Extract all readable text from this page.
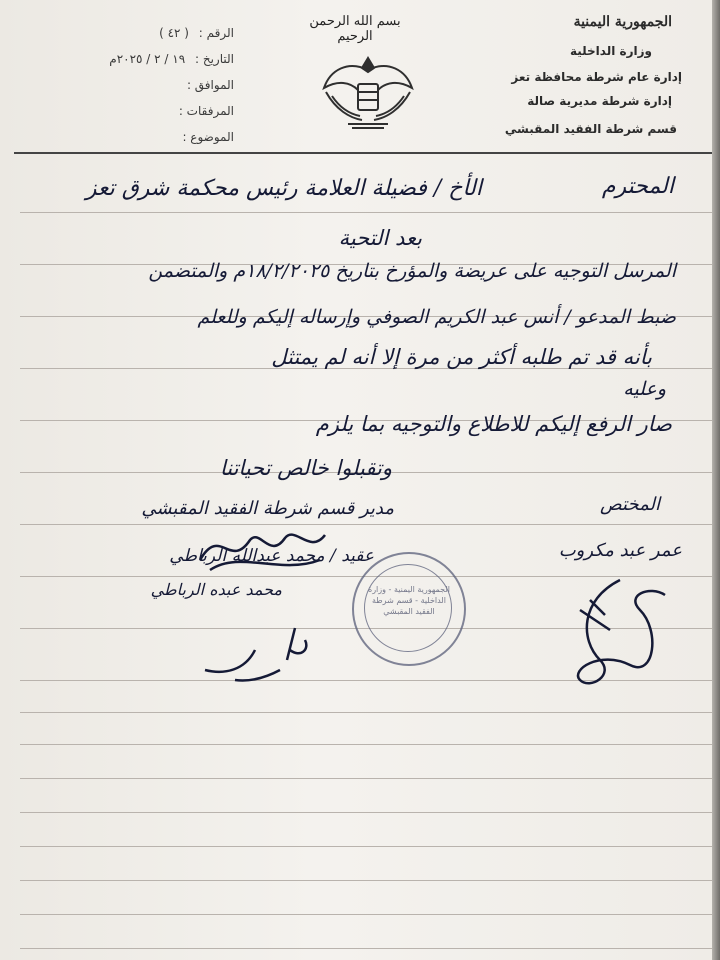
الجمهورية اليمنية
وزارة الداخلية
إدارة عام شرطة محافظة تعز
إدارة شرطة مديرية صالة
قسم شرطة الفقيد المقبشي
بسم الله الرحمن الرحيم
الرقم : ( ٤٢ )
التاريخ : ١٩ / ٢ / ٢٠٢٥م
الموافق :
المرفقات :
الموضوع :
الأخ / فضيلة العلامة رئيس محكمة شرق تعز	المحترم
بعد التحية
المرسل التوجيه على عريضة والمؤرخ بتاريخ ١٨/٢/٢٠٢٥م والمتضمن
ضبط المدعو / أنس عبد الكريم الصوفي وإرساله إليكم وللعلم
بأنه قد تم طلبه أكثر من مرة إلا أنه لم يمتثل
وعليه
صار الرفع إليكم للاطلاع والتوجيه بما يلزم
وتقبلوا خالص تحياتنا
المختص
عمر عبد مكروب
مدير قسم شرطة الفقيد المقبشي
عقيد / محمد عبدالله الرباطي
محمد عبده الرباطي	الجمهورية اليمنية - وزارة الداخلية - قسم شرطة الفقيد المقبشي
